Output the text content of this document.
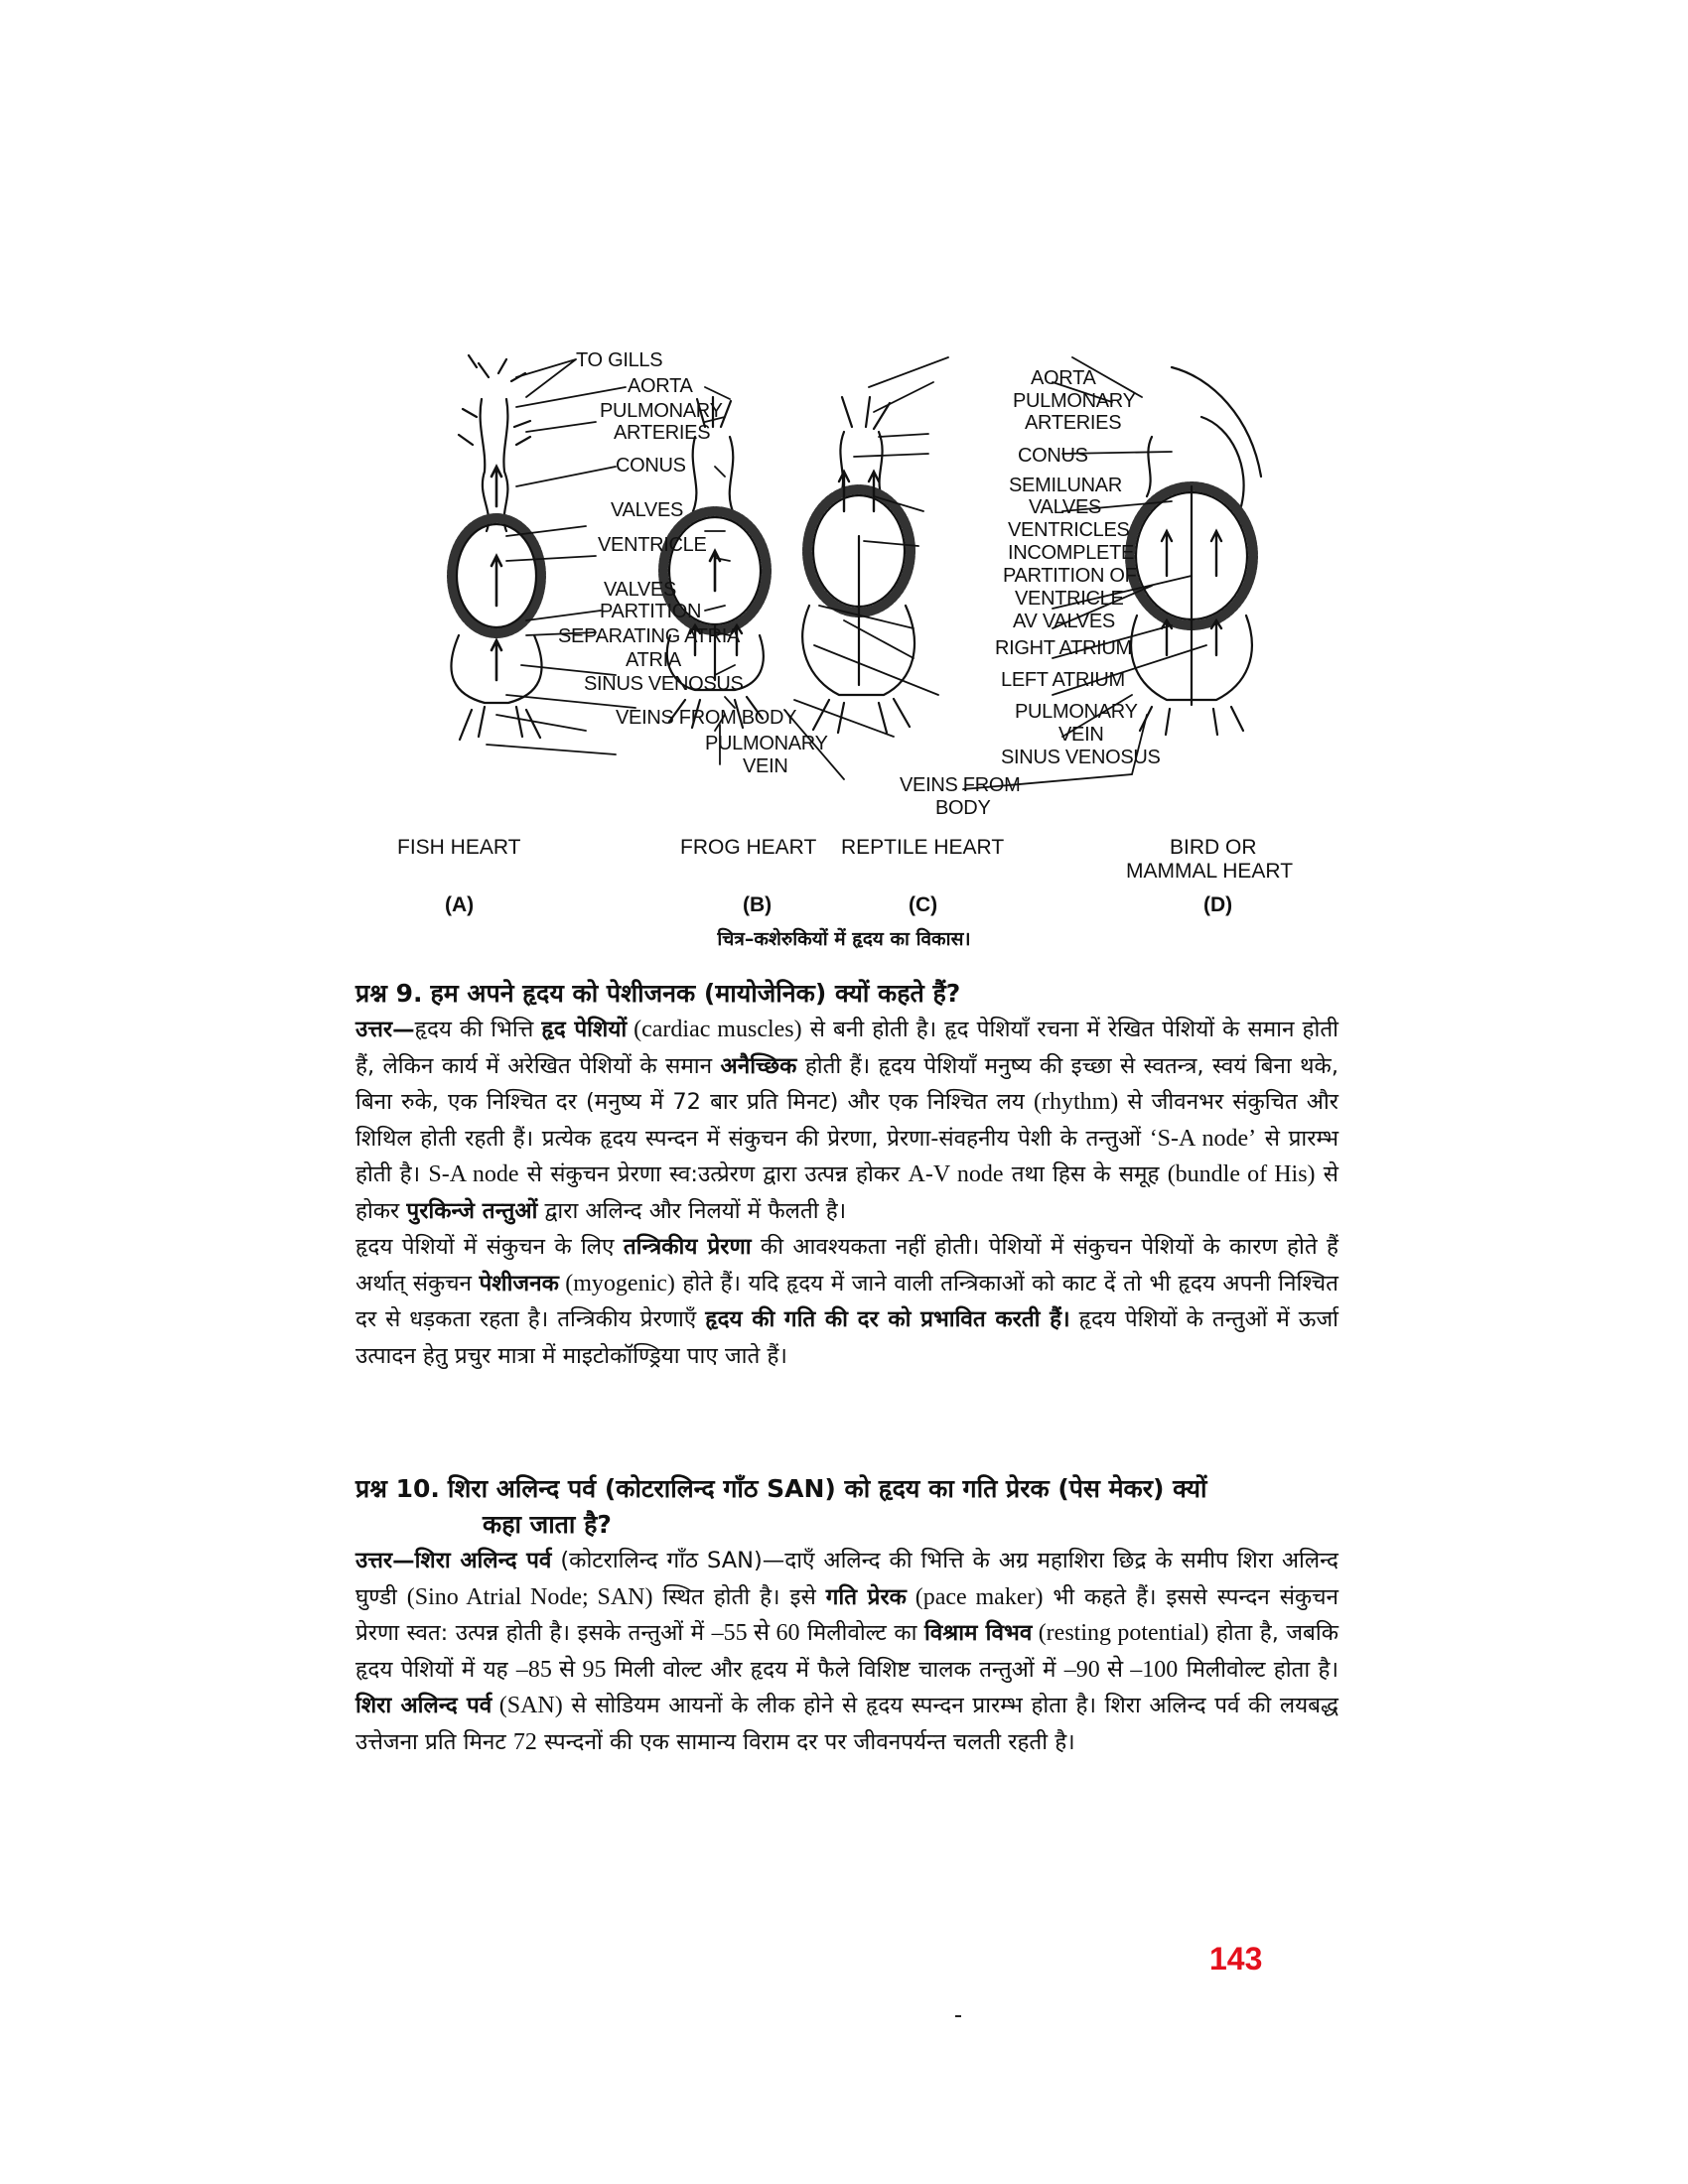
TO GILLS
AORTA
PULMONARY
ARTERIES
CONUS
VALVES
VENTRICLE
VALVES
PARTITION
SEPARATING ATRIA
ATRIA
SINUS VENOSUS
VEINS FROM BODY
PULMONARY
VEIN
AORTA
PULMONARY
ARTERIES
CONUS
SEMILUNAR
VALVES
VENTRICLES
INCOMPLETE
PARTITION OF
VENTRICLE
AV VALVES
RIGHT ATRIUM
LEFT ATRIUM
PULMONARY
VEIN
SINUS VENOSUS
VEINS FROM
BODY
FISH HEART	FROG HEART REPTILE HEART	BIRD OR
MAMMAL HEART
(A)	(B)	(C)	(D)
चित्र–कशेरुकियों में हृदय का विकास।
प्रश्न 9. हम अपने हृदय को पेशीजनक (मायोजेनिक) क्यों कहते हैं?

उत्तर—हृदय की भित्ति हृद पेशियों (cardiac muscles) से बनी होती है। हृद पेशियाँ रचना में रेखित पेशियों के समान होती हैं, लेकिन कार्य में अरेखित पेशियों के समान अनैच्छिक होती हैं। हृदय पेशियाँ मनुष्य की इच्छा से स्वतन्त्र, स्वयं बिना थके, बिना रुके, एक निश्चित दर (मनुष्य में 72 बार प्रति मिनट) और एक निश्चित लय (rhythm) से जीवनभर संकुचित और शिथिल होती रहती हैं। प्रत्येक हृदय स्पन्दन में संकुचन की प्रेरणा, प्रेरणा-संवहनीय पेशी के तन्तुओं ‘S-A node’ से प्रारम्भ होती है। S-A node से संकुचन प्रेरणा स्व:उत्प्रेरण द्वारा उत्पन्न होकर A-V node तथा हिस के समूह (bundle of His) से होकर पुरकिन्जे तन्तुओं द्वारा अलिन्द और निलयों में फैलती है।

हृदय पेशियों में संकुचन के लिए तन्त्रिकीय प्रेरणा की आवश्यकता नहीं होती। पेशियों में संकुचन पेशियों के कारण होते हैं अर्थात् संकुचन पेशीजनक (myogenic) होते हैं। यदि हृदय में जाने वाली तन्त्रिकाओं को काट दें तो भी हृदय अपनी निश्चित दर से धड़कता रहता है। तन्त्रिकीय प्रेरणाएँ हृदय की गति की दर को प्रभावित करती हैं। हृदय पेशियों के तन्तुओं में ऊर्जा उत्पादन हेतु प्रचुर मात्रा में माइटोकॉण्ड्रिया पाए जाते हैं।

प्रश्न 10. शिरा अलिन्द पर्व (कोटरालिन्द गाँठ SAN) को हृदय का गति प्रेरक (पेस मेकर) क्यों
कहा जाता है?

उत्तर—शिरा अलिन्द पर्व (कोटरालिन्द गाँठ SAN)—दाएँ अलिन्द की भित्ति के अग्र महाशिरा छिद्र के समीप शिरा अलिन्द घुण्डी (Sino Atrial Node; SAN) स्थित होती है। इसे गति प्रेरक (pace maker) भी कहते हैं। इससे स्पन्दन संकुचन प्रेरणा स्वत: उत्पन्न होती है। इसके तन्तुओं में –55 से 60 मिलीवोल्ट का विश्राम विभव (resting potential) होता है, जबकि हृदय पेशियों में यह –85 से 95 मिली वोल्ट और हृदय में फैले विशिष्ट चालक तन्तुओं में –90 से –100 मिलीवोल्ट होता है। शिरा अलिन्द पर्व (SAN) से सोडियम आयनों के लीक होने से हृदय स्पन्दन प्रारम्भ होता है। शिरा अलिन्द पर्व की लयबद्ध उत्तेजना प्रति मिनट 72 स्पन्दनों की एक सामान्य विराम दर पर जीवनपर्यन्त चलती रहती है।

143
